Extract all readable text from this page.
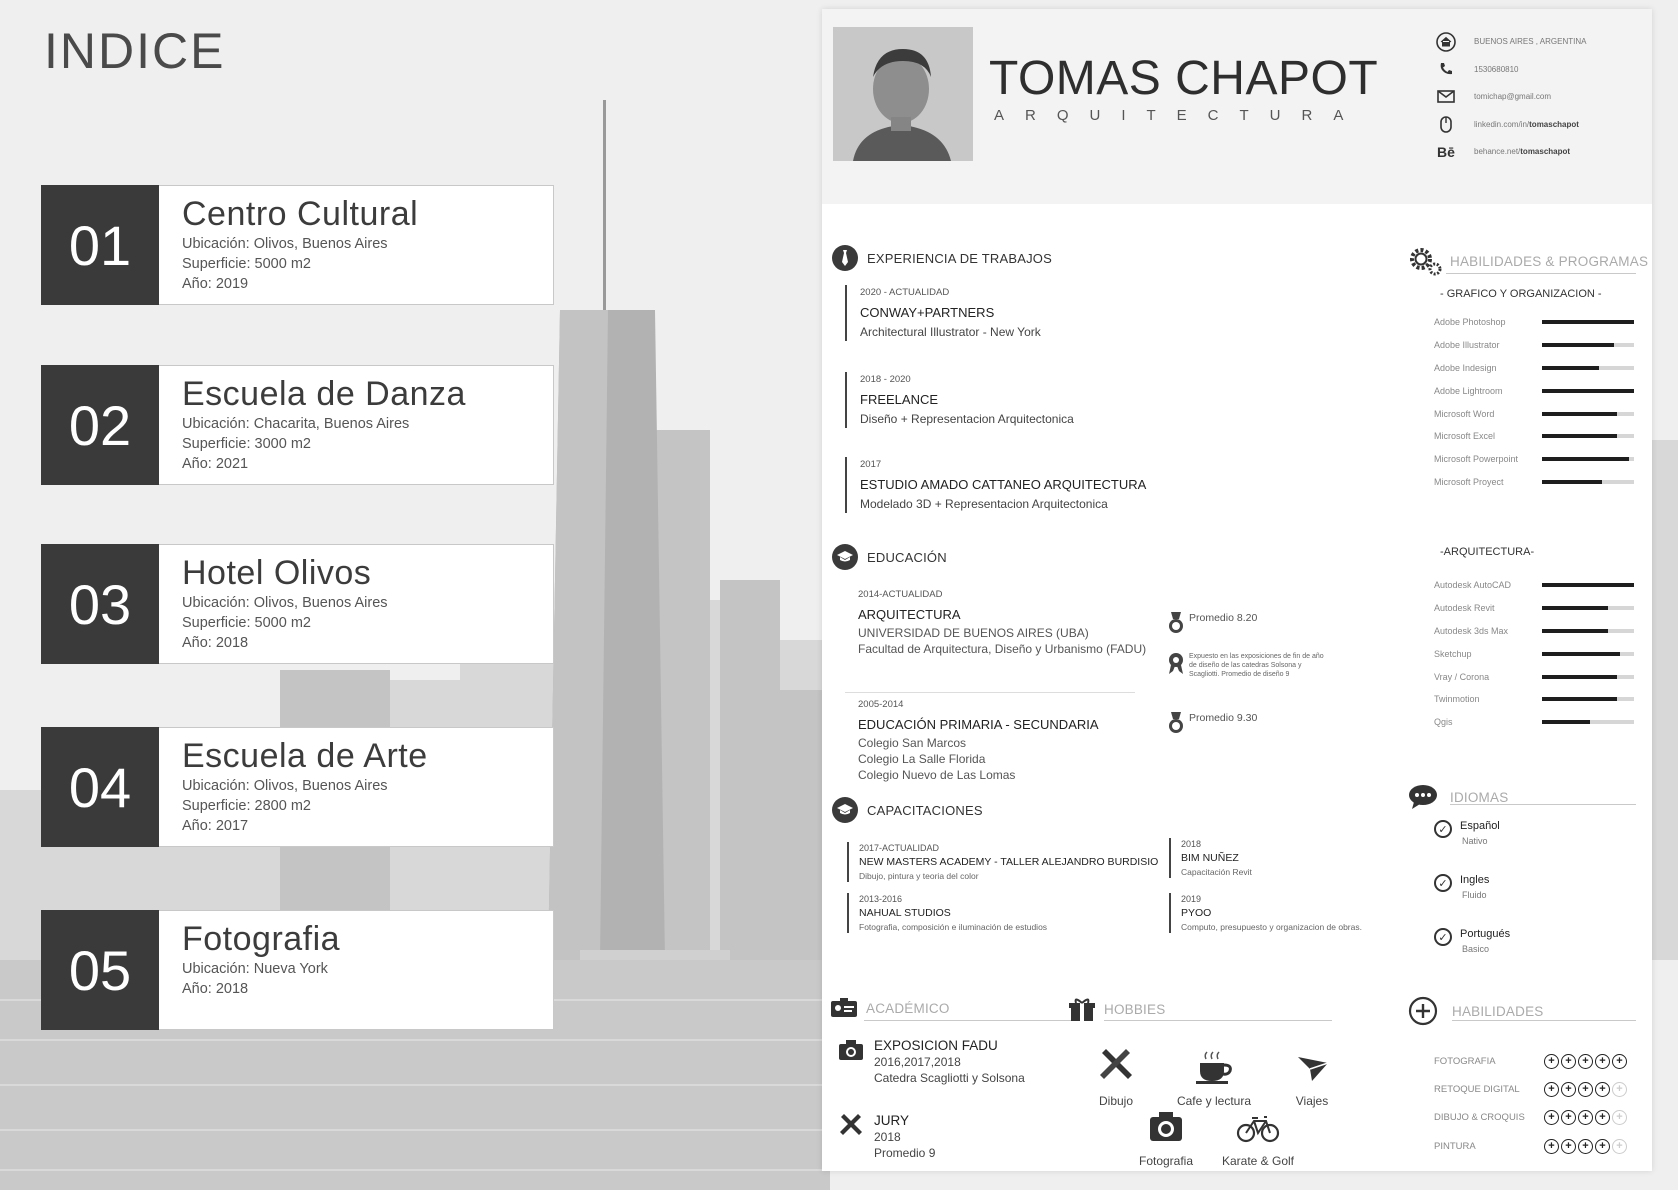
INDICE
01	Centro Cultural
Ubicación: Olivos, Buenos Aires
Superficie: 5000 m2
Año: 2019
02	Escuela de Danza
Ubicación: Chacarita, Buenos Aires
Superficie: 3000 m2
Año: 2021
03	Hotel Olivos
Ubicación: Olivos, Buenos Aires
Superficie: 5000 m2
Año: 2018
04	Escuela de Arte
Ubicación: Olivos, Buenos Aires
Superficie: 2800 m2
Año: 2017
05	Fotografia
Ubicación: Nueva York
Año: 2018
TOMAS CHAPOT
ARQUITECTURA
BUENOS AIRES , ARGENTINA
1530680810
tomichap@gmail.com
linkedin.com/in/tomaschapot
Bē	behance.net/tomaschapot
EXPERIENCIA DE TRABAJOS
2020 - ACTUALIDAD
CONWAY+PARTNERS
Architectural Illustrator - New York
2018 - 2020
FREELANCE
Diseño + Representacion Arquitectonica
2017
ESTUDIO AMADO CATTANEO ARQUITECTURA
Modelado 3D + Representacion Arquitectonica
EDUCACIÓN
2014-ACTUALIDAD
ARQUITECTURA
UNIVERSIDAD DE BUENOS AIRES (UBA)
Facultad de Arquitectura, Diseño y Urbanismo (FADU)
2005-2014
EDUCACIÓN PRIMARIA - SECUNDARIA
Colegio San Marcos
Colegio La Salle Florida
Colegio Nuevo de Las Lomas
Promedio 8.20
Expuesto en las exposiciones de fin de año de diseño de las catedras Solsona y Scagliotti. Promedio de diseño 9
Promedio 9.30
CAPACITACIONES
2017-ACTUALIDAD
NEW MASTERS ACADEMY - TALLER ALEJANDRO BURDISIO
Dibujo, pintura y teoria del color
2013-2016
NAHUAL STUDIOS
Fotografia, composición e iluminación de estudios
2018
BIM NUÑEZ
Capacitación Revit
2019
PYOO
Computo, presupuesto y organizacion de obras.
HABILIDADES & PROGRAMAS
- GRAFICO Y ORGANIZACION -
Adobe Photoshop
Adobe Illustrator
Adobe Indesign
Adobe Lightroom
Microsoft Word
Microsoft Excel
Microsoft Powerpoint
Microsoft Proyect
-ARQUITECTURA-
Autodesk AutoCAD
Autodesk Revit
Autodesk 3ds Max
Sketchup
Vray / Corona
Twinmotion
Qgis
IDIOMAS
✓	Español
Nativo
✓	Ingles
Fluido
✓	Portugués
Basico
ACADÉMICO
EXPOSICION FADU
2016,2017,2018
Catedra Scagliotti y Solsona
JURY
2018
Promedio 9
HOBBIES
Dibujo	Cafe y lectura	Viajes
Fotografia	Karate & Golf
HABILIDADES
FOTOGRAFIA	+ + + + +
RETOQUE DIGITAL	+ + + + +
DIBUJO & CROQUIS	+ + + + +
PINTURA	+ + + + +
